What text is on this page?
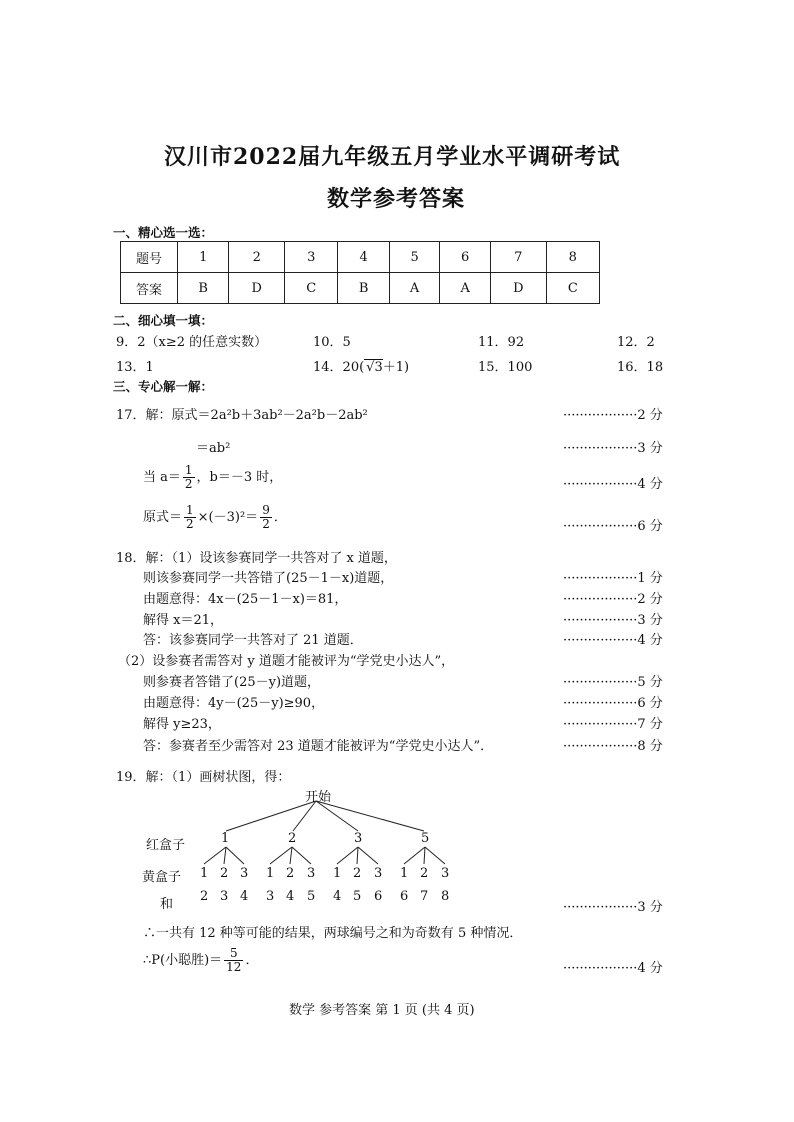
汉川市2022届九年级五月学业水平调研考试
数学参考答案
一、精心选一选：
题号	1	2	3	4	5	6	7	8
答案	B	D	C	B	A	A	D	C
二、细心填一填：
9．2（x≥2 的任意实数）	10．5	11．92	12．2
13．1	14．20( √3＋1)	15．100	16．18
三、专心解一解：
17．解：原式＝2a²b＋3ab²－2a²b－2ab²	··················2 分
＝ab²	··················3 分
当 $a= \frac{1}{2}$ ，b＝－3 时，	··················4 分
原式＝ $\frac{1}{2} \times(-3)^2= \frac{9}{2}$ ．
··················6 分
18．解：（1）设该参赛同学一共答对了 x 道题，
则该参赛同学一共答错了(25－1－x)道题，	··················1 分
由题意得：4x－(25－1－x)＝81，	··················2 分
解得 x＝21，	··················3 分
答：该参赛同学一共答对了 21 道题．	··················4 分
（2）设参赛者需答对 y 道题才能被评为“学党史小达人”，
则参赛者答错了(25－y)道题，	··················5 分
由题意得：4y－(25－y)≥90，	··················6 分
解得 y≥23，	··················7 分
答：参赛者至少需答对 23 道题才能被评为“学党史小达人”．	··················8 分
19．解：（1）画树状图，得：
开始
红盒子	1	2	3	5
黄盒子 1 2 3 1 2 3 1 2 3 1 2 3
和
2 3 4 3 4 5 4 5 6 6 7 8
··················3 分
∴一共有 12 种等可能的结果，两球编号之和为奇数有 5 种情况．
∴P(小聪胜)＝ $\frac{5}{12}$ ．
··················4 分
数学 参考答案 第 1 页 (共 4 页)
